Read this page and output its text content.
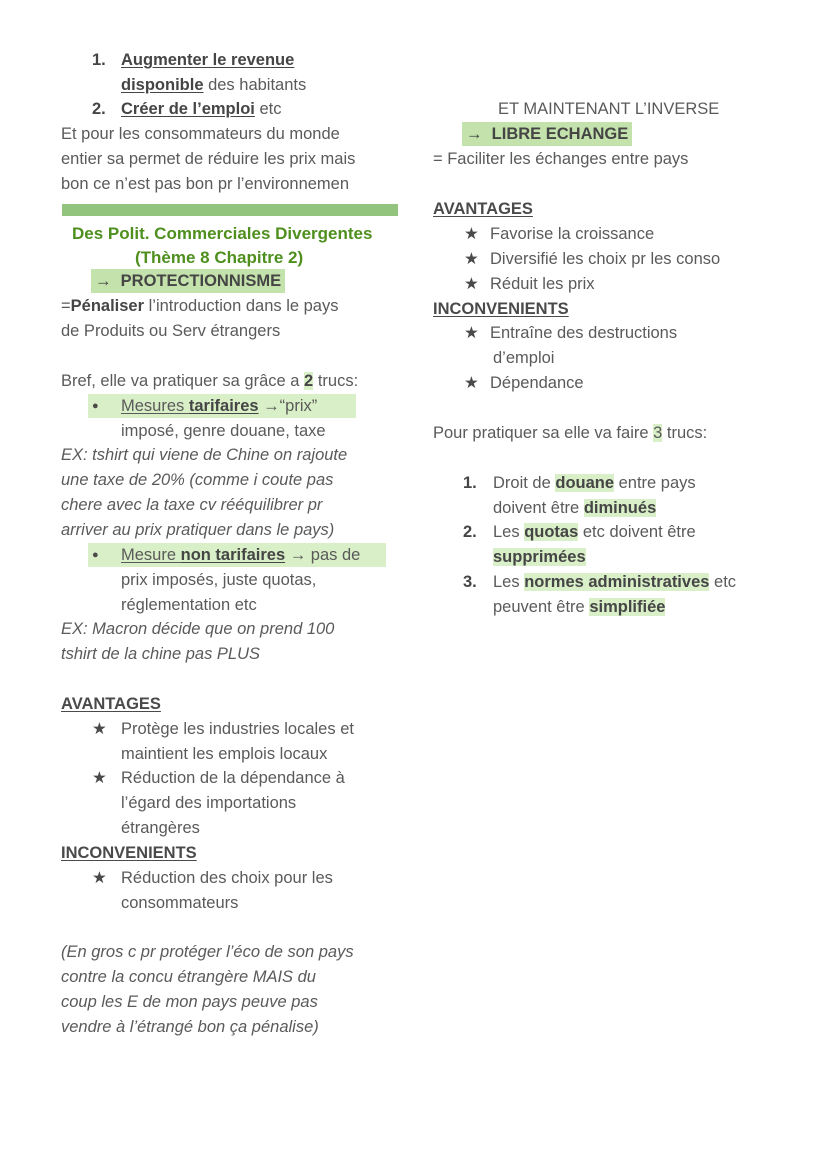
1. Augmenter le revenue
disponible des habitants
2. Créer de l’emploi etc
Et pour les consommateurs du monde
entier sa permet de réduire les prix mais
bon ce n’est pas bon pr l’environnemen
Des Polit. Commerciales Divergentes
(Thème 8 Chapitre 2)
→ PROTECTIONNISME
=Pénaliser l’introduction dans le pays
de Produits ou Serv étrangers
Bref, elle va pratiquer sa grâce a 2 trucs:
● Mesures tarifaires →“prix”
imposé, genre douane, taxe
EX: tshirt qui viene de Chine on rajoute
une taxe de 20% (comme i coute pas
chere avec la taxe cv rééquilibrer pr
arriver au prix pratiquer dans le pays)
● Mesure non tarifaires → pas de
prix imposés, juste quotas,
réglementation etc
EX: Macron décide que on prend 100
tshirt de la chine pas PLUS
AVANTAGES
★ Protège les industries locales et
maintient les emplois locaux
★ Réduction de la dépendance à
l’égard des importations
étrangères
INCONVENIENTS
★ Réduction des choix pour les
consommateurs
(En gros c pr protéger l’éco de son pays
contre la concu étrangère MAIS du
coup les E de mon pays peuve pas
vendre à l’étrangé bon ça pénalise)
ET MAINTENANT L’INVERSE
→ LIBRE ECHANGE
= Faciliter les échanges entre pays
AVANTAGES
★ Favorise la croissance
★ Diversifié les choix pr les conso
★ Réduit les prix
INCONVENIENTS
★ Entraîne des destructions
d’emploi
★ Dépendance
Pour pratiquer sa elle va faire 3 trucs:
1. Droit de douane entre pays
doivent être diminués
2. Les quotas etc doivent être
supprimées
3. Les normes administratives etc
peuvent être simplifiée
